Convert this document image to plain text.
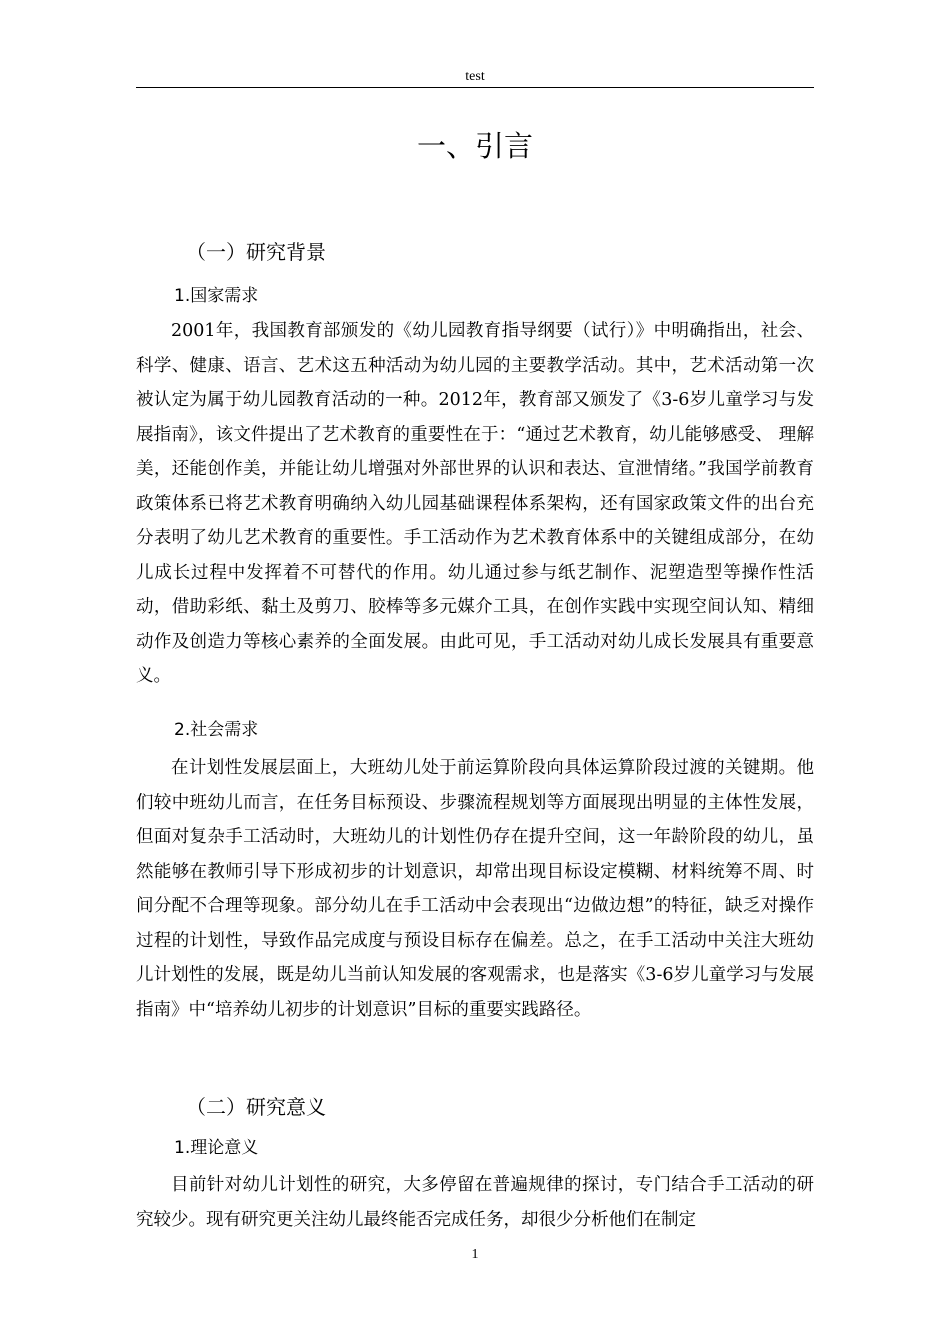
test
一、引言
（一）研究背景
1.国家需求

2001年，我国教育部颁发的《幼儿园教育指导纲要（试行）》中明确指出，社会、科学、健康、语言、艺术这五种活动为幼儿园的主要教学活动。其中，艺术活动第一次被认定为属于幼儿园教育活动的一种。2012年，教育部又颁发了《3-6岁儿童学习与发展指南》，该文件提出了艺术教育的重要性在于：“通过艺术教育，幼儿能够感受、 理解美，还能创作美，并能让幼儿增强对外部世界的认识和表达、宣泄情绪。”我国学前教育政策体系已将艺术教育明确纳入幼儿园基础课程体系架构，还有国家政策文件的出台充分表明了幼儿艺术教育的重要性。手工活动作为艺术教育体系中的关键组成部分，在幼儿成长过程中发挥着不可替代的作用。幼儿通过参与纸艺制作、泥塑造型等操作性活动，借助彩纸、黏土及剪刀、胶棒等多元媒介工具，在创作实践中实现空间认知、精细动作及创造力等核心素养的全面发展。由此可见，手工活动对幼儿成长发展具有重要意义。

2.社会需求

在计划性发展层面上，大班幼儿处于前运算阶段向具体运算阶段过渡的关键期。他们较中班幼儿而言，在任务目标预设、步骤流程规划等方面展现出明显的主体性发展，但面对复杂手工活动时，大班幼儿的计划性仍存在提升空间，这一年龄阶段的幼儿，虽然能够在教师引导下形成初步的计划意识，却常出现目标设定模糊、材料统筹不周、时间分配不合理等现象。部分幼儿在手工活动中会表现出“边做边想”的特征，缺乏对操作过程的计划性，导致作品完成度与预设目标存在偏差。总之，在手工活动中关注大班幼儿计划性的发展，既是幼儿当前认知发展的客观需求，也是落实《3-6岁儿童学习与发展指南》中“培养幼儿初步的计划意识”目标的重要实践路径。

（二）研究意义
1.理论意义

目前针对幼儿计划性的研究，大多停留在普遍规律的探讨，专门结合手工活动的研究较少。现有研究更关注幼儿最终能否完成任务，却很少分析他们在制定

1
